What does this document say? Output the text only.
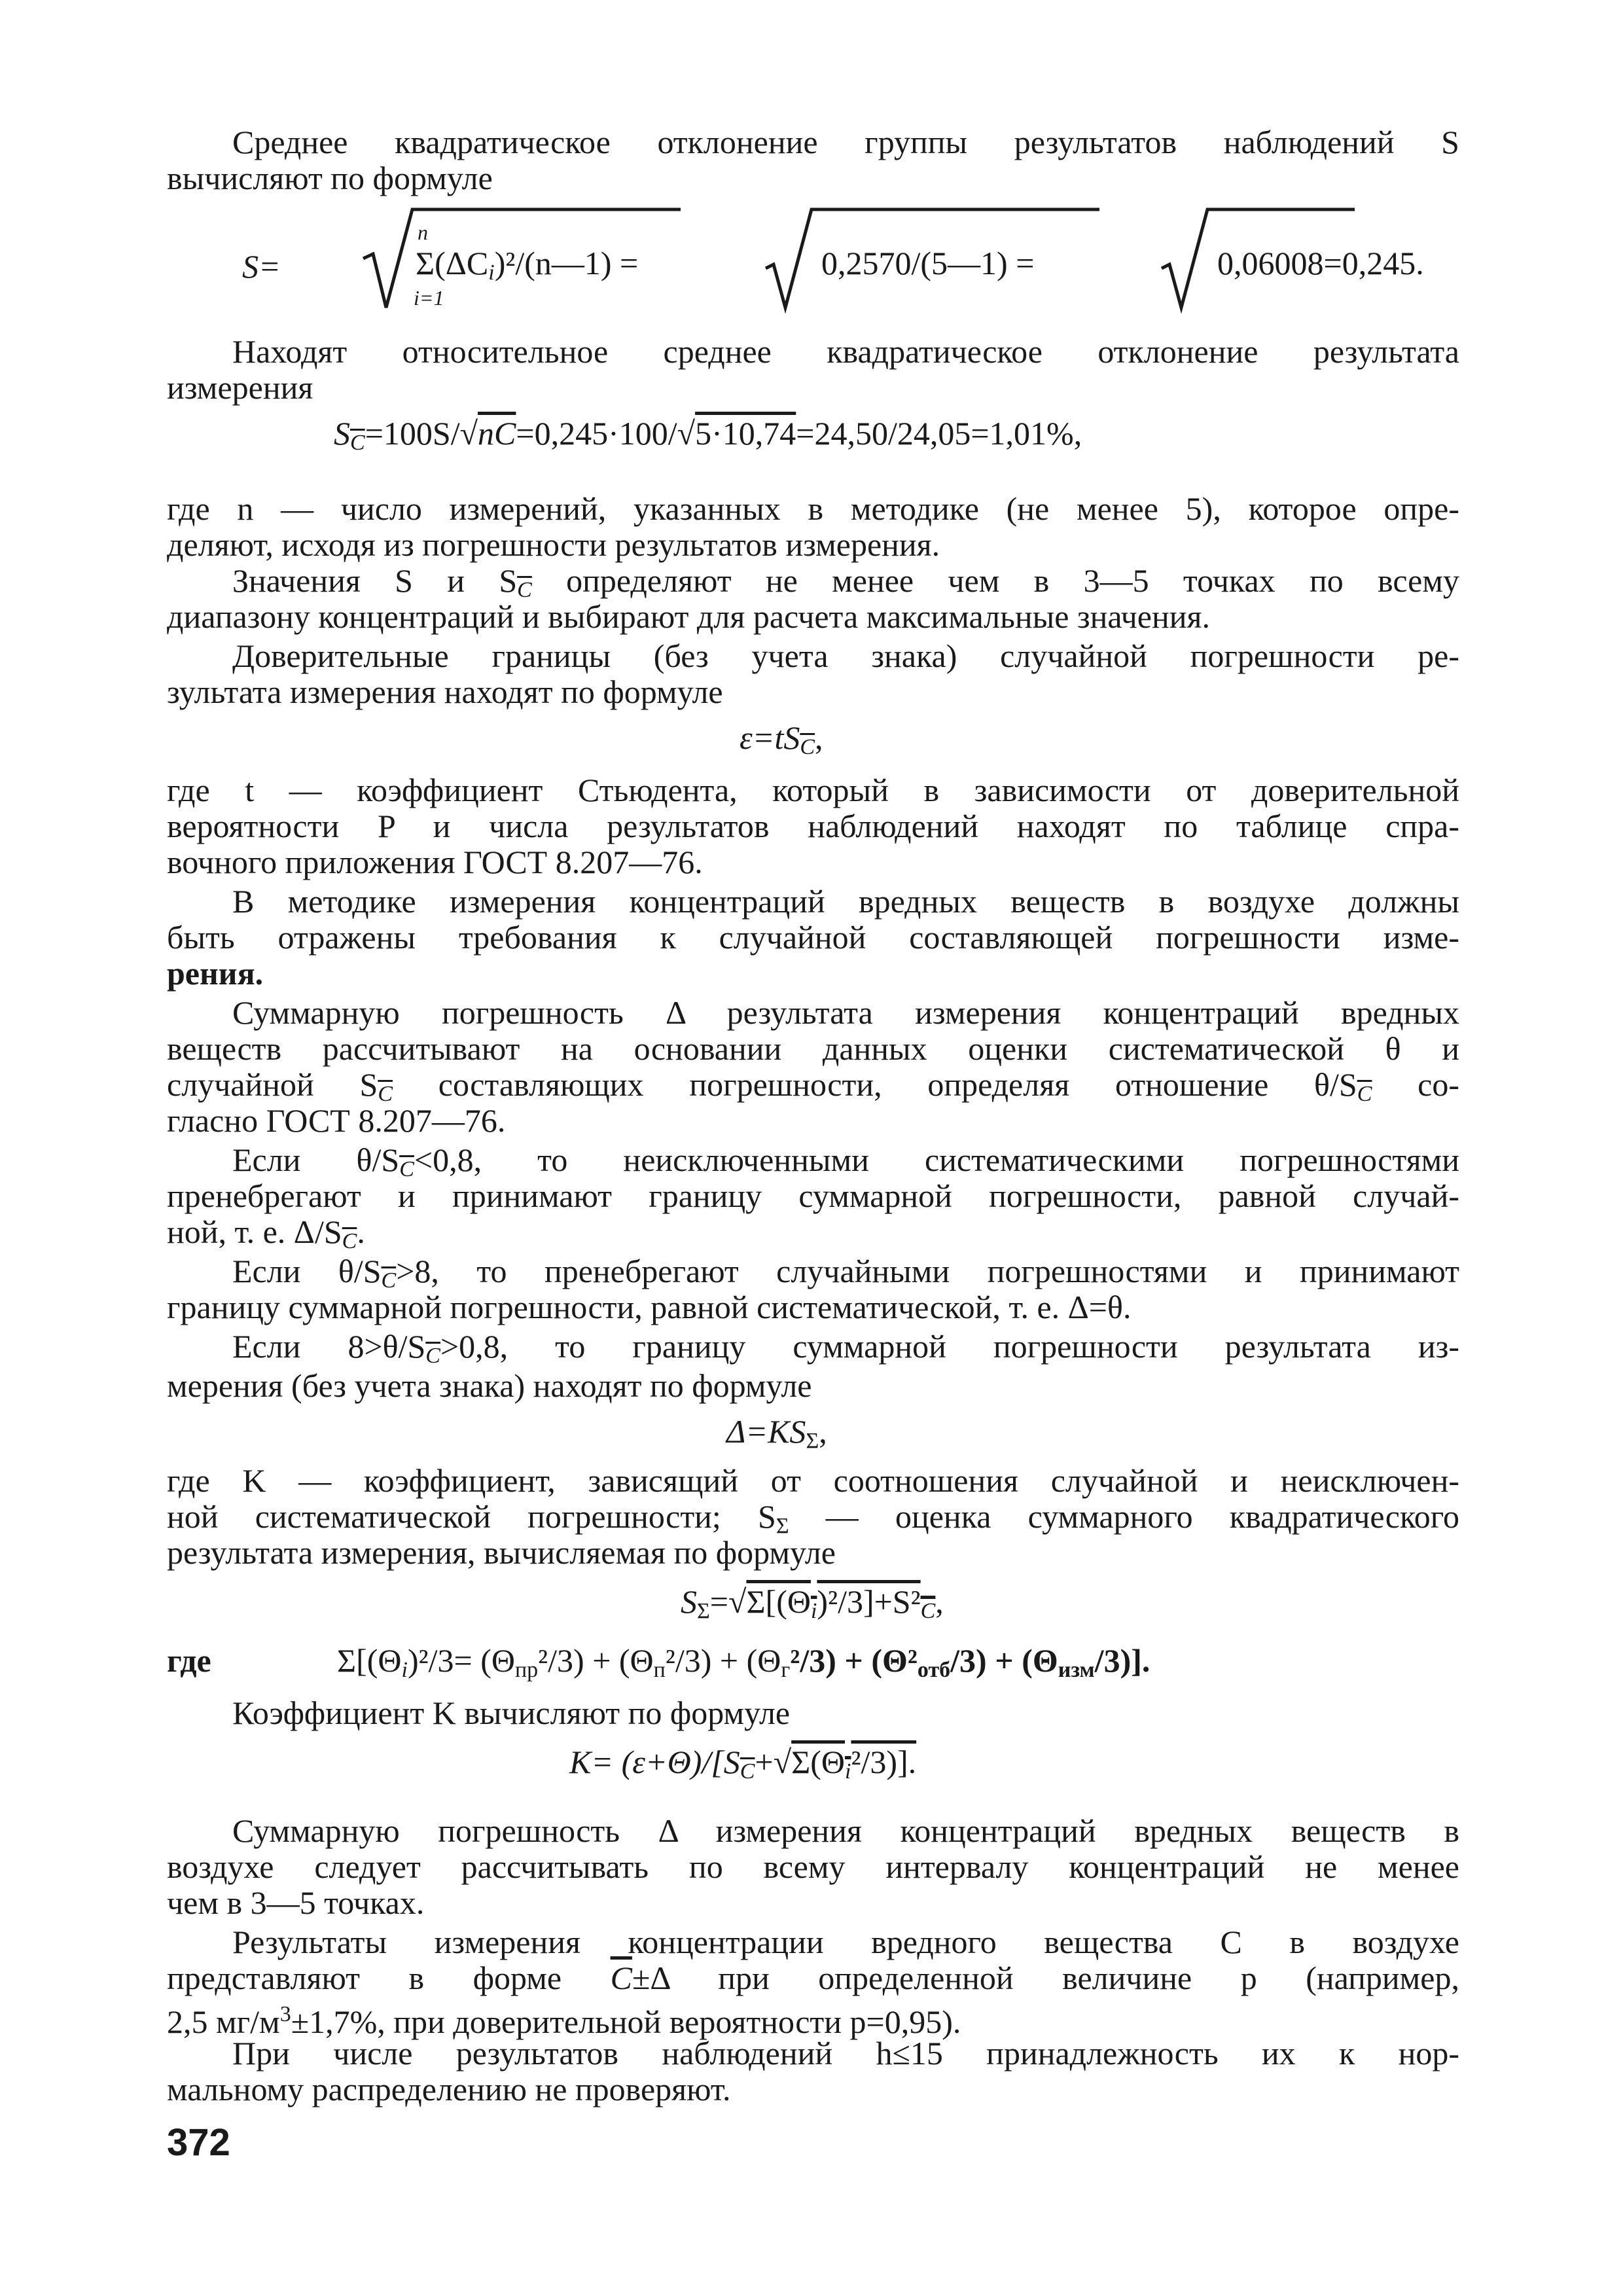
Среднее квадратическое отклонение группы результатов наблюдений S
вычисляют по формуле
S=
n
i=1
$\Sigma(\Delta C_i)^2/(n—1)$ =	0,2570/(5—1) =	0,06008=0,245.
Находят относительное среднее квадратическое отклонение результата
измерения
$S_{\overline{C}}=100S/√nC=0,245\cdot 100/√5\cdot 10,74=24,50/24,05=1,01\%$,
где n — число измерений, указанных в методике (не менее 5), которое опре-
деляют, исходя из погрешности результатов измерения.
Значения S и $S_{\overline{C}}$ определяют не менее чем в 3—5 точках по всему
диапазону концентраций и выбирают для расчета максимальные значения.
Доверительные границы (без учета знака) случайной погрешности ре-
зультата измерения находят по формуле
$\varepsilon=tS_{\overline{C}}$,
где t — коэффициент Стьюдента, который в зависимости от доверительной
вероятности P и числа результатов наблюдений находят по таблице спра-
вочного приложения ГОСТ 8.207—76.
В методике измерения концентраций вредных веществ в воздухе должны
быть отражены требования к случайной составляющей погрешности изме-
рения.
Суммарную погрешность Δ результата измерения концентраций вредных
веществ рассчитывают на основании данных оценки систематической θ и
случайной $S_{\overline{C}}$ составляющих погрешности, определяя отношение $\theta/S_{\overline{C}}$ со-
гласно ГОСТ 8.207—76.
Если $\theta/S_{\overline{C}}<0,8$, то неисключенными систематическими погрешностями
пренебрегают и принимают границу суммарной погрешности, равной случай-
ной, т. е. $\Delta/S_{\overline{C}}$.
Если $\theta/S_{\overline{C}}>8$, то пренебрегают случайными погрешностями и принимают
границу суммарной погрешности, равной систематической, т. е. Δ=θ.
Если $8>\theta/S_{\overline{C}}>0,8$, то границу суммарной погрешности результата из-
мерения (без учета знака) находят по формуле
$\Delta=KS_\Sigma$,
где K — коэффициент, зависящий от соотношения случайной и неисключен-
ной систематической погрешности; $S_\Sigma$ — оценка суммарного квадратического
результата измерения, вычисляемая по формуле
$S_\Sigma=√\Sigma[(\Theta_i)^2/3]+S^2_C$,
где	$\Sigma[(\Theta_i)^2/3= (\Theta_{пр}^2/3) + (\Theta_п^2/3) + (\Theta_г^2/3) + (\Theta^2_{отб}/3) + (\Theta_{изм}/3)]$.
Коэффициент K вычисляют по формуле
$K= (\varepsilon+\Theta)/[S_{\overline{C}}+√\Sigma(\Theta_i^2/3)]$.
Суммарную погрешность Δ измерения концентраций вредных веществ в
воздухе следует рассчитывать по всему интервалу концентраций не менее
чем в 3—5 точках.
Результаты измерения концентрации вредного вещества C в воздухе
представляют в форме $\overline{C}\pm\Delta$ при определенной величине p (например,
2,5 $мг/м^3\pm 1,7\%$, при доверительной вероятности p=0,95).
При числе результатов наблюдений h≤15 принадлежность их к нор-
мальному распределению не проверяют.
372
